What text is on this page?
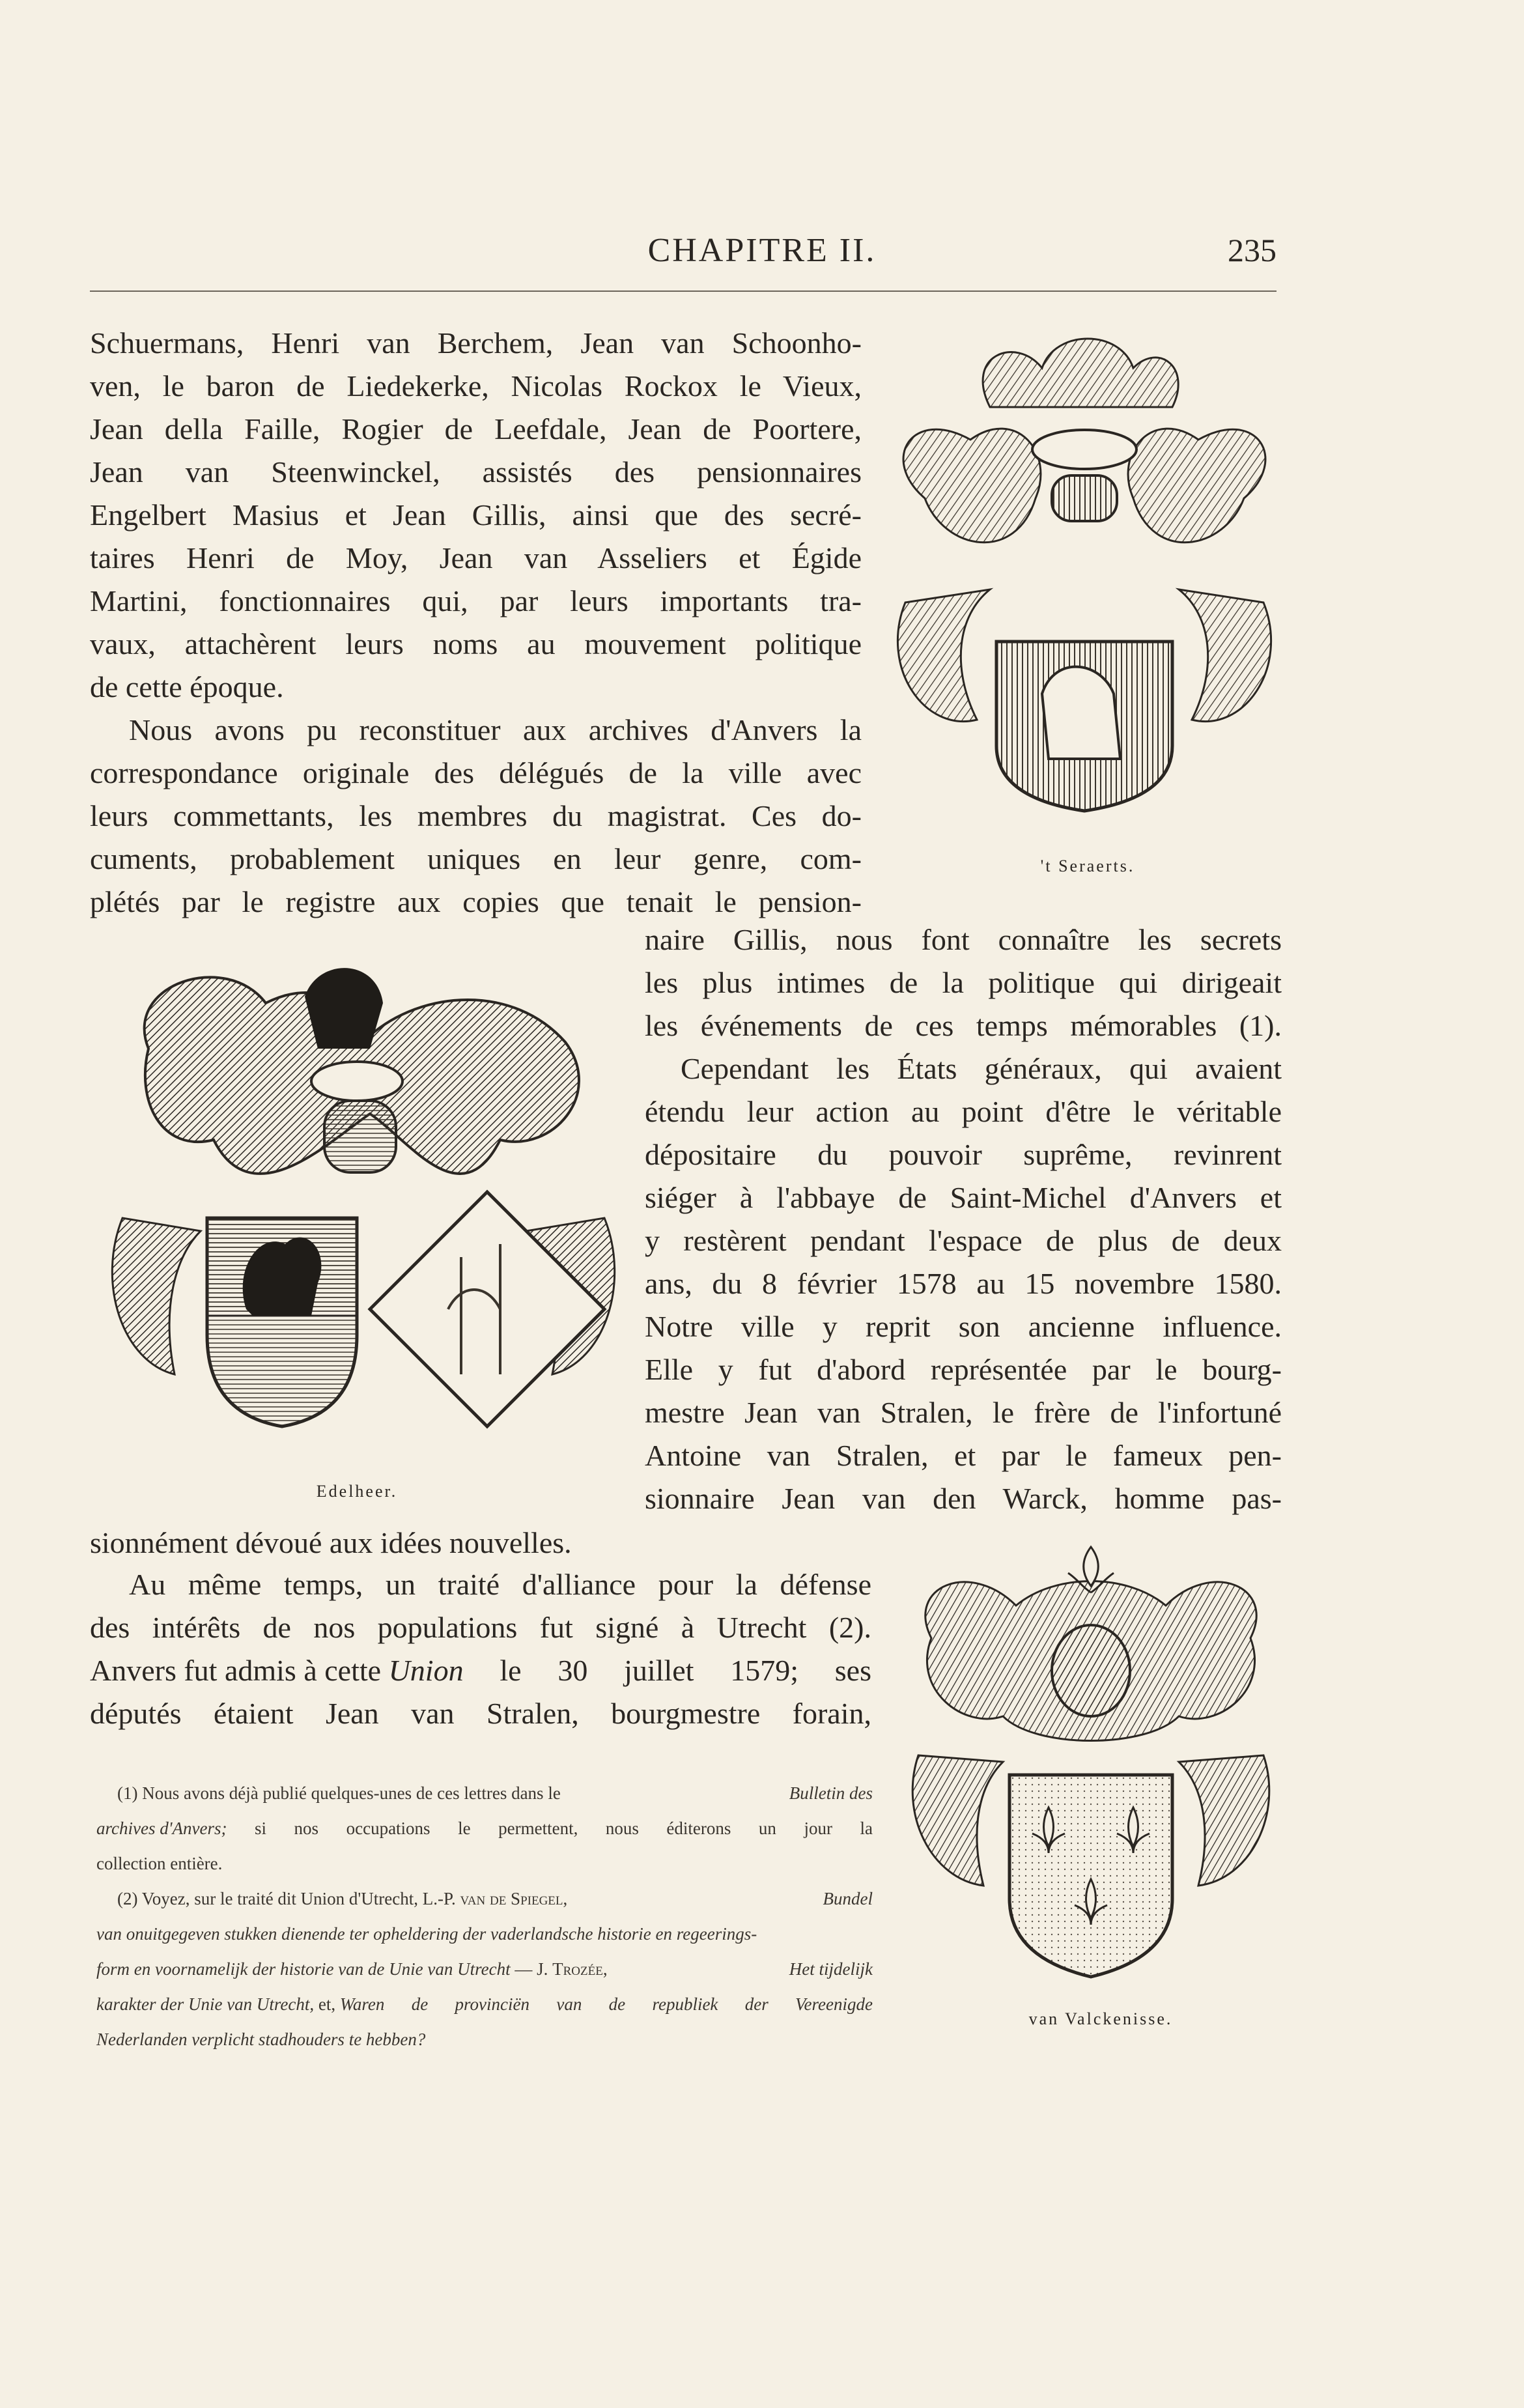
CHAPITRE II.	235
Schuermans, Henri van Berchem, Jean van Schoonho-
ven, le baron de Liedekerke, Nicolas Rockox le Vieux,
Jean della Faille, Rogier de Leefdale, Jean de Poortere,
Jean van Steenwinckel, assistés des pensionnaires
Engelbert Masius et Jean Gillis, ainsi que des secré-
taires Henri de Moy, Jean van Asseliers et Égide
Martini, fonctionnaires qui, par leurs importants tra-
vaux, attachèrent leurs noms au mouvement politique
de cette époque.
Nous avons pu reconstituer aux archives d'Anvers la
correspondance originale des délégués de la ville avec
leurs commettants, les membres du magistrat. Ces do-
cuments, probablement uniques en leur genre, com-
plétés par le registre aux copies que tenait le pension-
naire Gillis, nous font connaître les secrets
les plus intimes de la politique qui dirigeait
les événements de ces temps mémorables (1).
Cependant les États généraux, qui avaient
étendu leur action au point d'être le véritable
dépositaire du pouvoir suprême, revinrent
siéger à l'abbaye de Saint-Michel d'Anvers et
y restèrent pendant l'espace de plus de deux
ans, du 8 février 1578 au 15 novembre 1580.
Notre ville y reprit son ancienne influence.
Elle y fut d'abord représentée par le bourg-
mestre Jean van Stralen, le frère de l'infortuné
Antoine van Stralen, et par le fameux pen-
sionnaire Jean van den Warck, homme pas-
sionnément dévoué aux idées nouvelles.
Au même temps, un traité d'alliance pour la défense
des intérêts de nos populations fut signé à Utrecht (2).
Anvers fut admis à cette Union le 30 juillet 1579; ses
députés étaient Jean van Stralen, bourgmestre forain,
(1) Nous avons déjà publié quelques-unes de ces lettres dans le	Bulletin des
archives d'Anvers; si nos occupations le permettent, nous éditerons un jour la
collection entière.
(2) Voyez, sur le traité dit Union d'Utrecht, L.-P. van de Spiegel,
	Bundel
van onuitgegeven stukken dienende ter opheldering der vaderlandsche historie en regeerings-
form en voornamelijk der historie van de Unie van Utrecht — J. Trozée,
	Het tijdelijk
karakter der Unie van Utrecht, et, Waren de provinciën van de republiek der Vereenigde
Nederlanden verplicht stadhouders te hebben?
't Seraerts.
Edelheer.
van Valckenisse.
